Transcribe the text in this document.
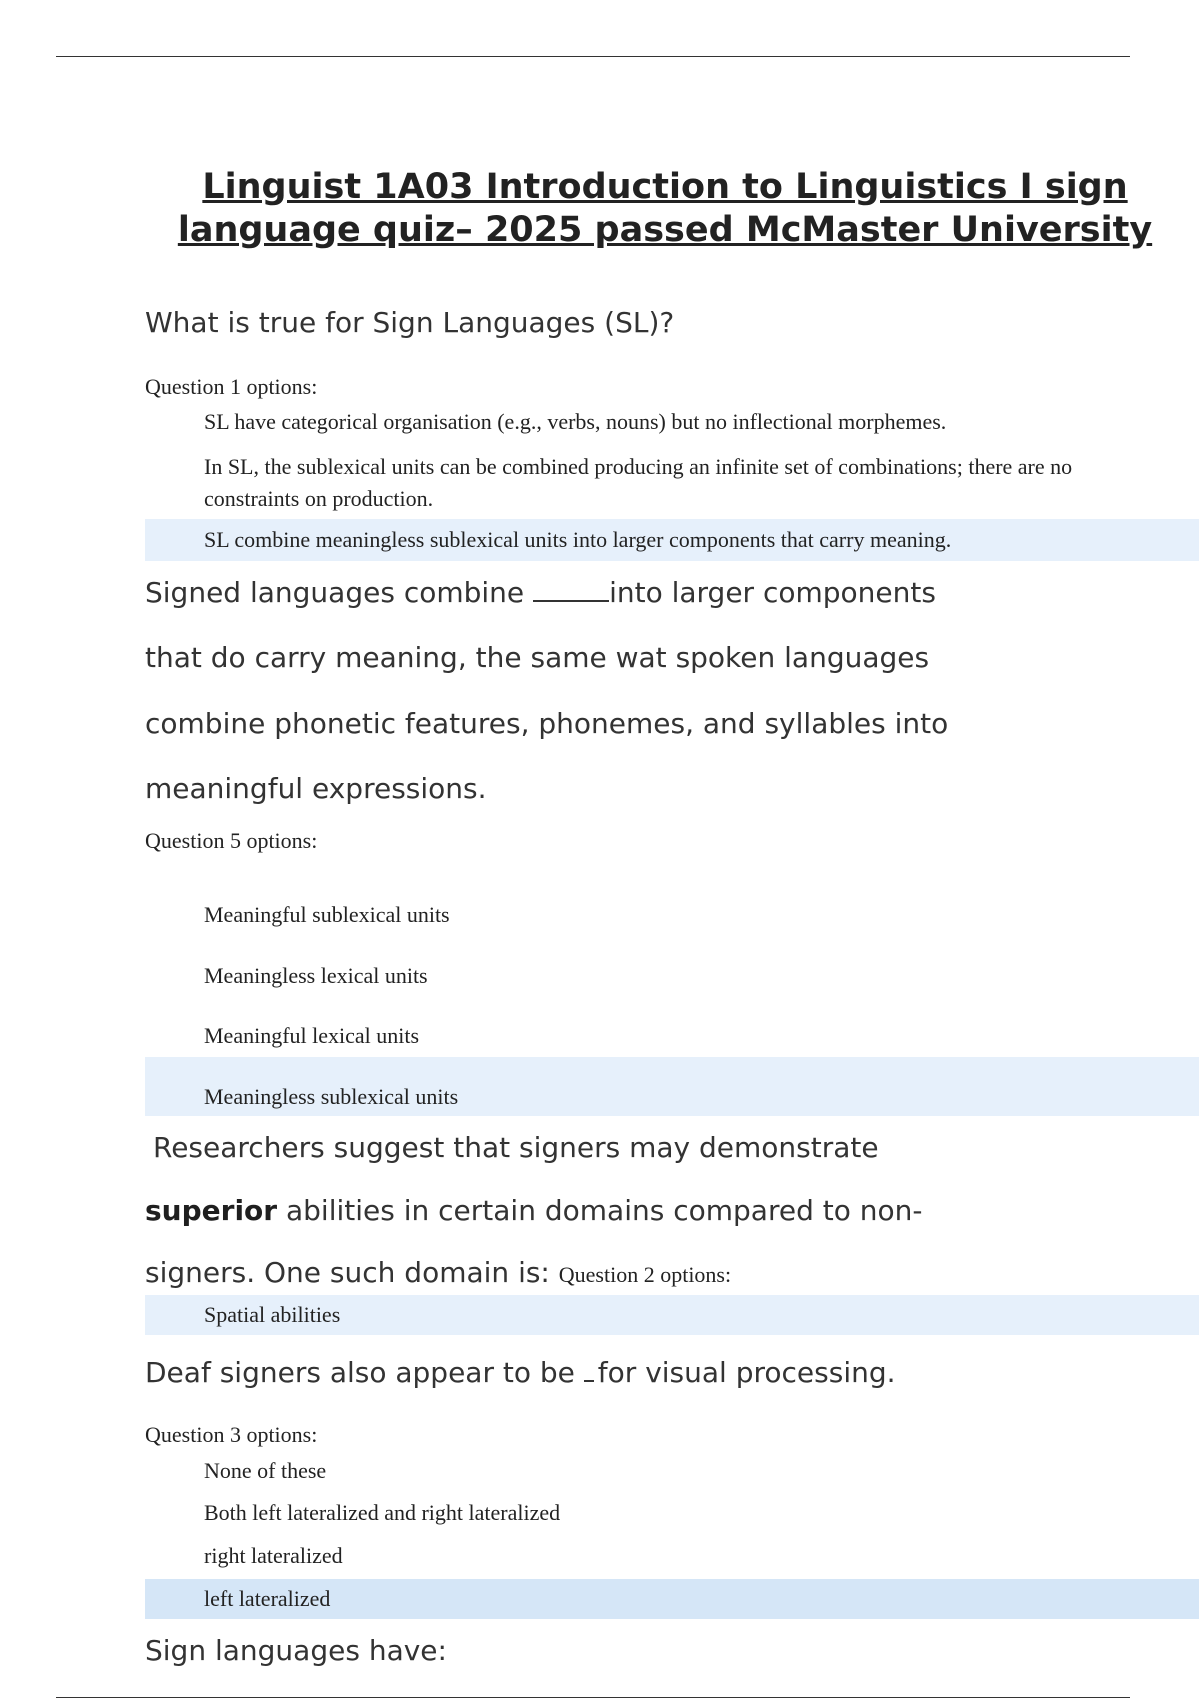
Linguist 1A03 Introduction to Linguistics I sign language quiz– 2025 passed McMaster University

What is true for Sign Languages (SL)?

Question 1 options:

SL have categorical organisation (e.g., verbs, nouns) but no inflectional morphemes.
In SL, the sublexical units can be combined producing an infinite set of combinations; there are no constraints on production.
SL combine meaningless sublexical units into larger components that carry meaning.

Signed languages combine	into larger components

that do carry meaning, the same wat spoken languages

combine phonetic features, phonemes, and syllables into

meaningful expressions.

Question 5 options:

Meaningful sublexical units
Meaningless lexical units
Meaningful lexical units
Meaningless sublexical units

Researchers suggest that signers may demonstrate

superior abilities in certain domains compared to non-

signers. One such domain is: Question 2 options:

Spatial abilities

Deaf signers also appear to be for visual processing.

Question 3 options:

None of these
Both left lateralized and right lateralized
right lateralized
left lateralized

Sign languages have:
